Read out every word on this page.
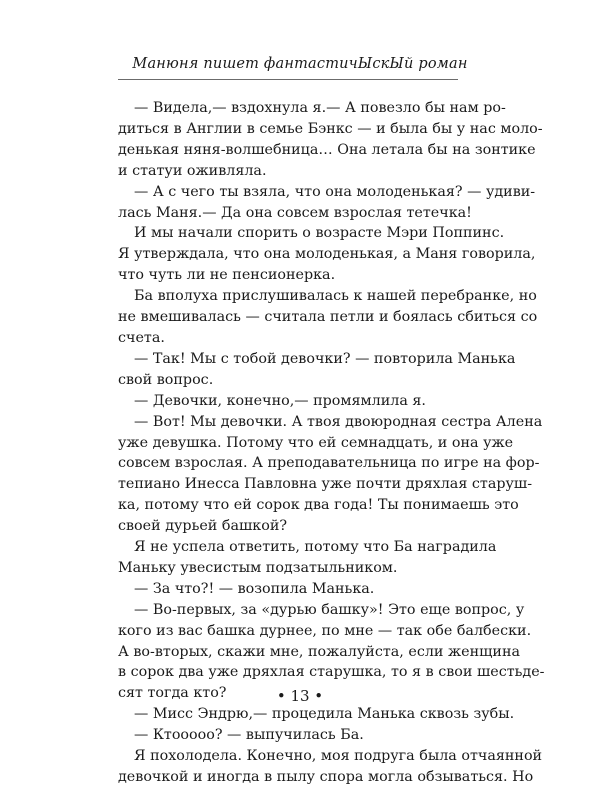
Манюня пишет фантастичЫскЫй роман
— Видела,— вздохнула я.— А повезло бы нам ро-
диться в Англии в семье Бэнкс — и была бы у нас моло-
денькая няня-волшебница… Она летала бы на зонтике
и статуи оживляла.
— А с чего ты взяла, что она молоденькая? — удиви-
лась Маня.— Да она совсем взрослая тетечка!
И мы начали спорить о возрасте Мэри Поппинс.
Я утверждала, что она молоденькая, а Маня говорила,
что чуть ли не пенсионерка.
Ба вполуха прислушивалась к нашей перебранке, но
не вмешивалась — считала петли и боялась сбиться со
счета.
— Так! Мы с тобой девочки? — повторила Манька
свой вопрос.
— Девочки, конечно,— промямлила я.
— Вот! Мы девочки. А твоя двоюродная сестра Алена
уже девушка. Потому что ей семнадцать, и она уже
совсем взрослая. А преподавательница по игре на фор-
тепиано Инесса Павловна уже почти дряхлая старуш-
ка, потому что ей сорок два года! Ты понимаешь это
своей дурьей башкой?
Я не успела ответить, потому что Ба наградила
Маньку увесистым подзатыльником.
— За что?! — возопила Манька.
— Во-первых, за «дурью башку»! Это еще вопрос, у
кого из вас башка дурнее, по мне — так обе балбески.
А во-вторых, скажи мне, пожалуйста, если женщина
в сорок два уже дряхлая старушка, то я в свои шестьде-
сят тогда кто?
— Мисс Эндрю,— процедила Манька сквозь зубы.
— Ктооооо? — выпучилась Ба.
Я похолодела. Конечно, моя подруга была отчаянной
девочкой и иногда в пылу спора могла обзываться. Но
• 13 •
